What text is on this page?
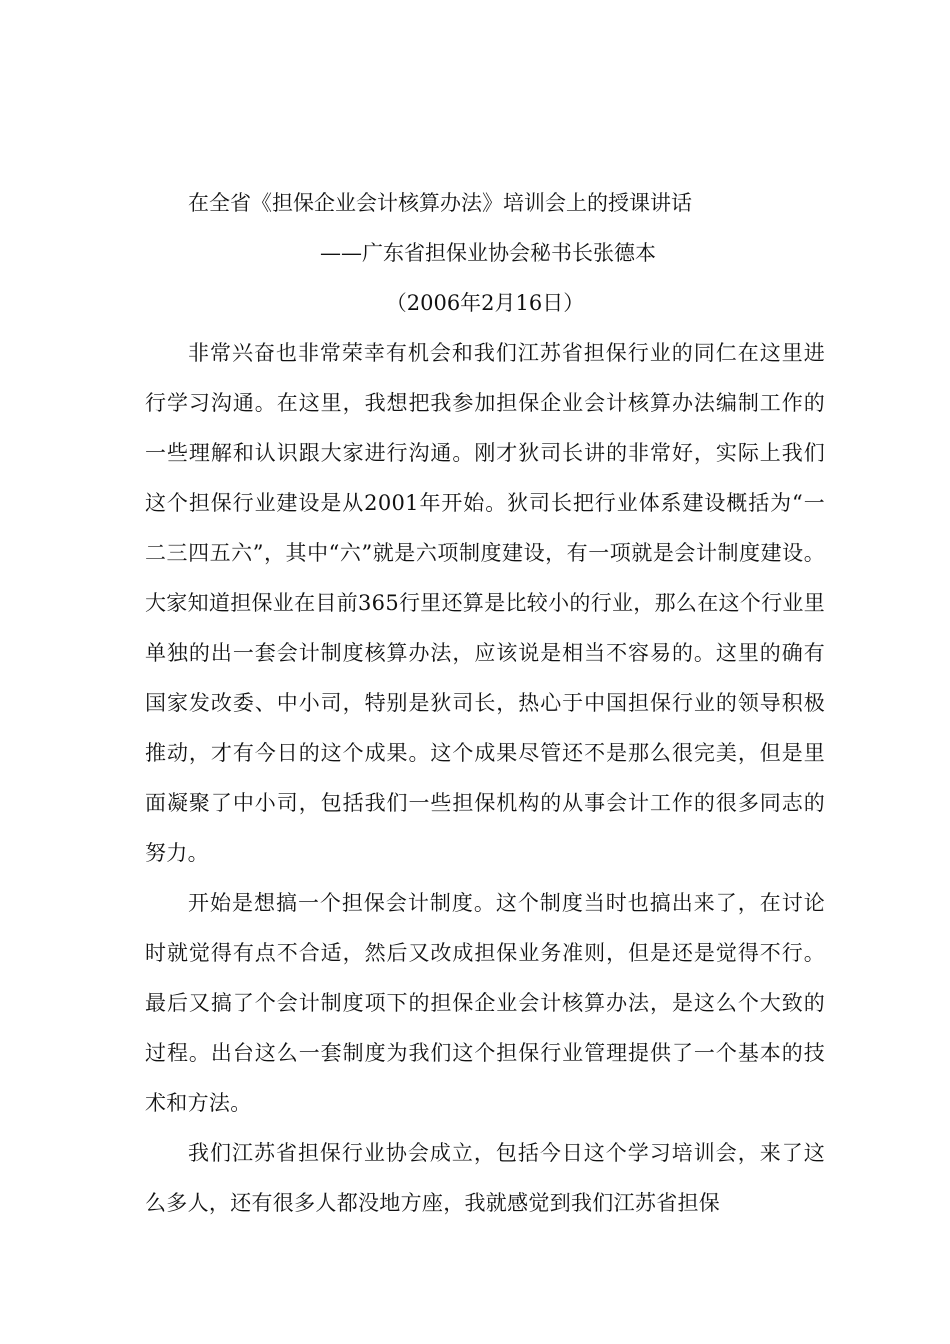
在全省《担保企业会计核算办法》培训会上的授课讲话
——广东省担保业协会秘书长张德本
（2006年2月16日）

非常兴奋也非常荣幸有机会和我们江苏省担保行业的同仁在这里进行学习沟通。在这里，我想把我参加担保企业会计核算办法编制工作的一些理解和认识跟大家进行沟通。刚才狄司长讲的非常好，实际上我们这个担保行业建设是从2001年开始。狄司长把行业体系建设概括为“一二三四五六”，其中“六”就是六项制度建设，有一项就是会计制度建设。大家知道担保业在目前365行里还算是比较小的行业，那么在这个行业里单独的出一套会计制度核算办法，应该说是相当不容易的。这里的确有国家发改委、中小司，特别是狄司长，热心于中国担保行业的领导积极推动，才有今日的这个成果。这个成果尽管还不是那么很完美，但是里面凝聚了中小司，包括我们一些担保机构的从事会计工作的很多同志的努力。

开始是想搞一个担保会计制度。这个制度当时也搞出来了，在讨论时就觉得有点不合适，然后又改成担保业务准则，但是还是觉得不行。最后又搞了个会计制度项下的担保企业会计核算办法，是这么个大致的过程。出台这么一套制度为我们这个担保行业管理提供了一个基本的技术和方法。

我们江苏省担保行业协会成立，包括今日这个学习培训会，来了这么多人，还有很多人都没地方座，我就感觉到我们江苏省担保
